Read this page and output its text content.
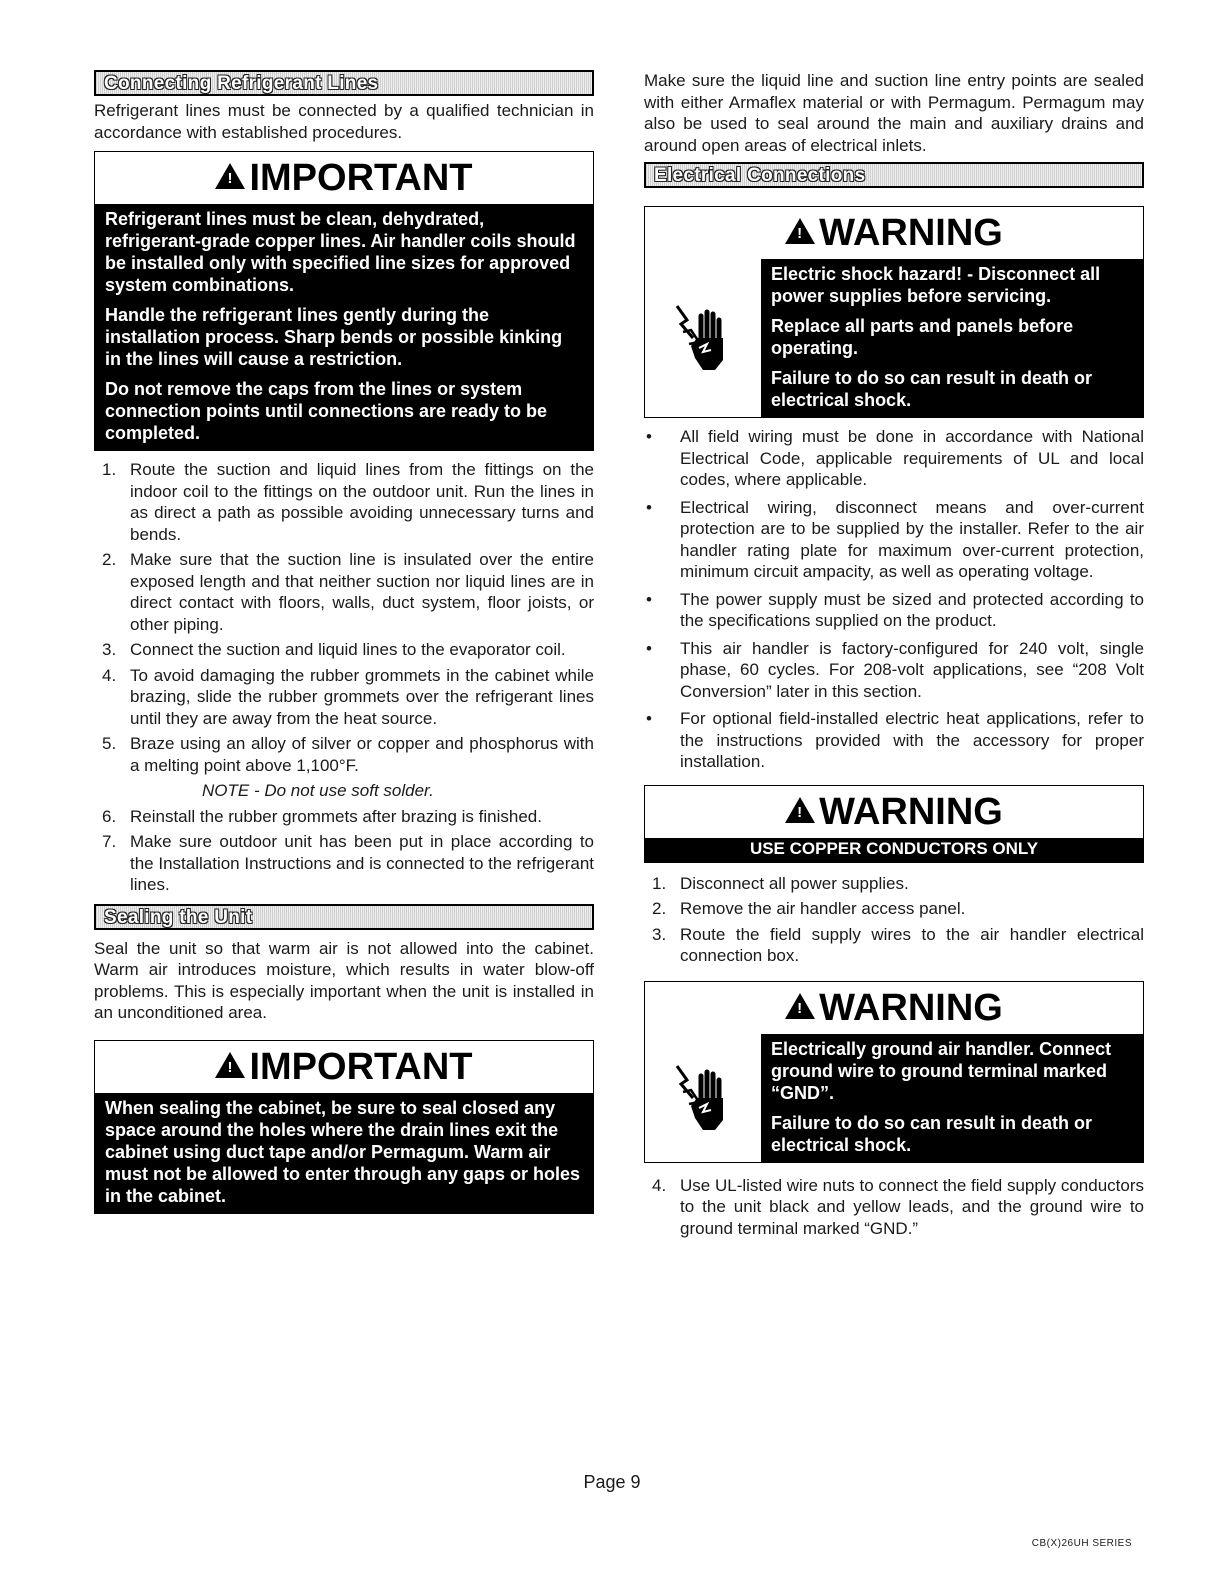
Connecting Refrigerant Lines

Refrigerant lines must be connected by a qualified technician in accordance with established procedures.

!
IMPORTANT

Refrigerant lines must be clean, dehydrated, refrigerant-grade copper lines. Air handler coils should be installed only with specified line sizes for approved system combinations.

Handle the refrigerant lines gently during the installation process. Sharp bends or possible kinking in the lines will cause a restriction.

Do not remove the caps from the lines or system connection points until connections are ready to be completed.

1. Route the suction and liquid lines from the fittings on the indoor coil to the fittings on the outdoor unit. Run the lines in as direct a path as possible avoiding unnecessary turns and bends.
2. Make sure that the suction line is insulated over the entire exposed length and that neither suction nor liquid lines are in direct contact with floors, walls, duct system, floor joists, or other piping.
3. Connect the suction and liquid lines to the evaporator coil.
4. To avoid damaging the rubber grommets in the cabinet while brazing, slide the rubber grommets over the refrigerant lines until they are away from the heat source.
5. Braze using an alloy of silver or copper and phosphorus with a melting point above 1,100°F.

NOTE - Do not use soft solder.

6. Reinstall the rubber grommets after brazing is finished.
7. Make sure outdoor unit has been put in place according to the Installation Instructions and is connected to the refrigerant lines.
Sealing the Unit

Seal the unit so that warm air is not allowed into the cabinet. Warm air introduces moisture, which results in water blow-off problems. This is especially important when the unit is installed in an unconditioned area.

!
IMPORTANT

When sealing the cabinet, be sure to seal closed any space around the holes where the drain lines exit the cabinet using duct tape and/or Permagum. Warm air must not be allowed to enter through any gaps or holes in the cabinet.

Make sure the liquid line and suction line entry points are sealed with either Armaflex material or with Permagum. Permagum may also be used to seal around the main and auxiliary drains and around open areas of electrical inlets.

Electrical Connections
!
WARNING

Electric shock hazard! - Disconnect all power supplies before servicing.

Replace all parts and panels before operating.

Failure to do so can result in death or electrical shock.

• All field wiring must be done in accordance with National Electrical Code, applicable requirements of UL and local codes, where applicable.
• Electrical wiring, disconnect means and over-current protection are to be supplied by the installer. Refer to the air handler rating plate for maximum over-current protection, minimum circuit ampacity, as well as operating voltage.
• The power supply must be sized and protected according to the specifications supplied on the product.
• This air handler is factory-configured for 240 volt, single phase, 60 cycles. For 208-volt applications, see “208 Volt Conversion” later in this section.
• For optional field-installed electric heat applications, refer to the instructions provided with the accessory for proper installation.
!
WARNING
USE COPPER CONDUCTORS ONLY
1. Disconnect all power supplies.
2. Remove the air handler access panel.
3. Route the field supply wires to the air handler electrical connection box.
!
WARNING

Electrically ground air handler. Connect ground wire to ground terminal marked “GND”.

Failure to do so can result in death or electrical shock.

4. Use UL-listed wire nuts to connect the field supply conductors to the unit black and yellow leads, and the ground wire to ground terminal marked “GND.”
Page 9
CB(X)26UH SERIES
